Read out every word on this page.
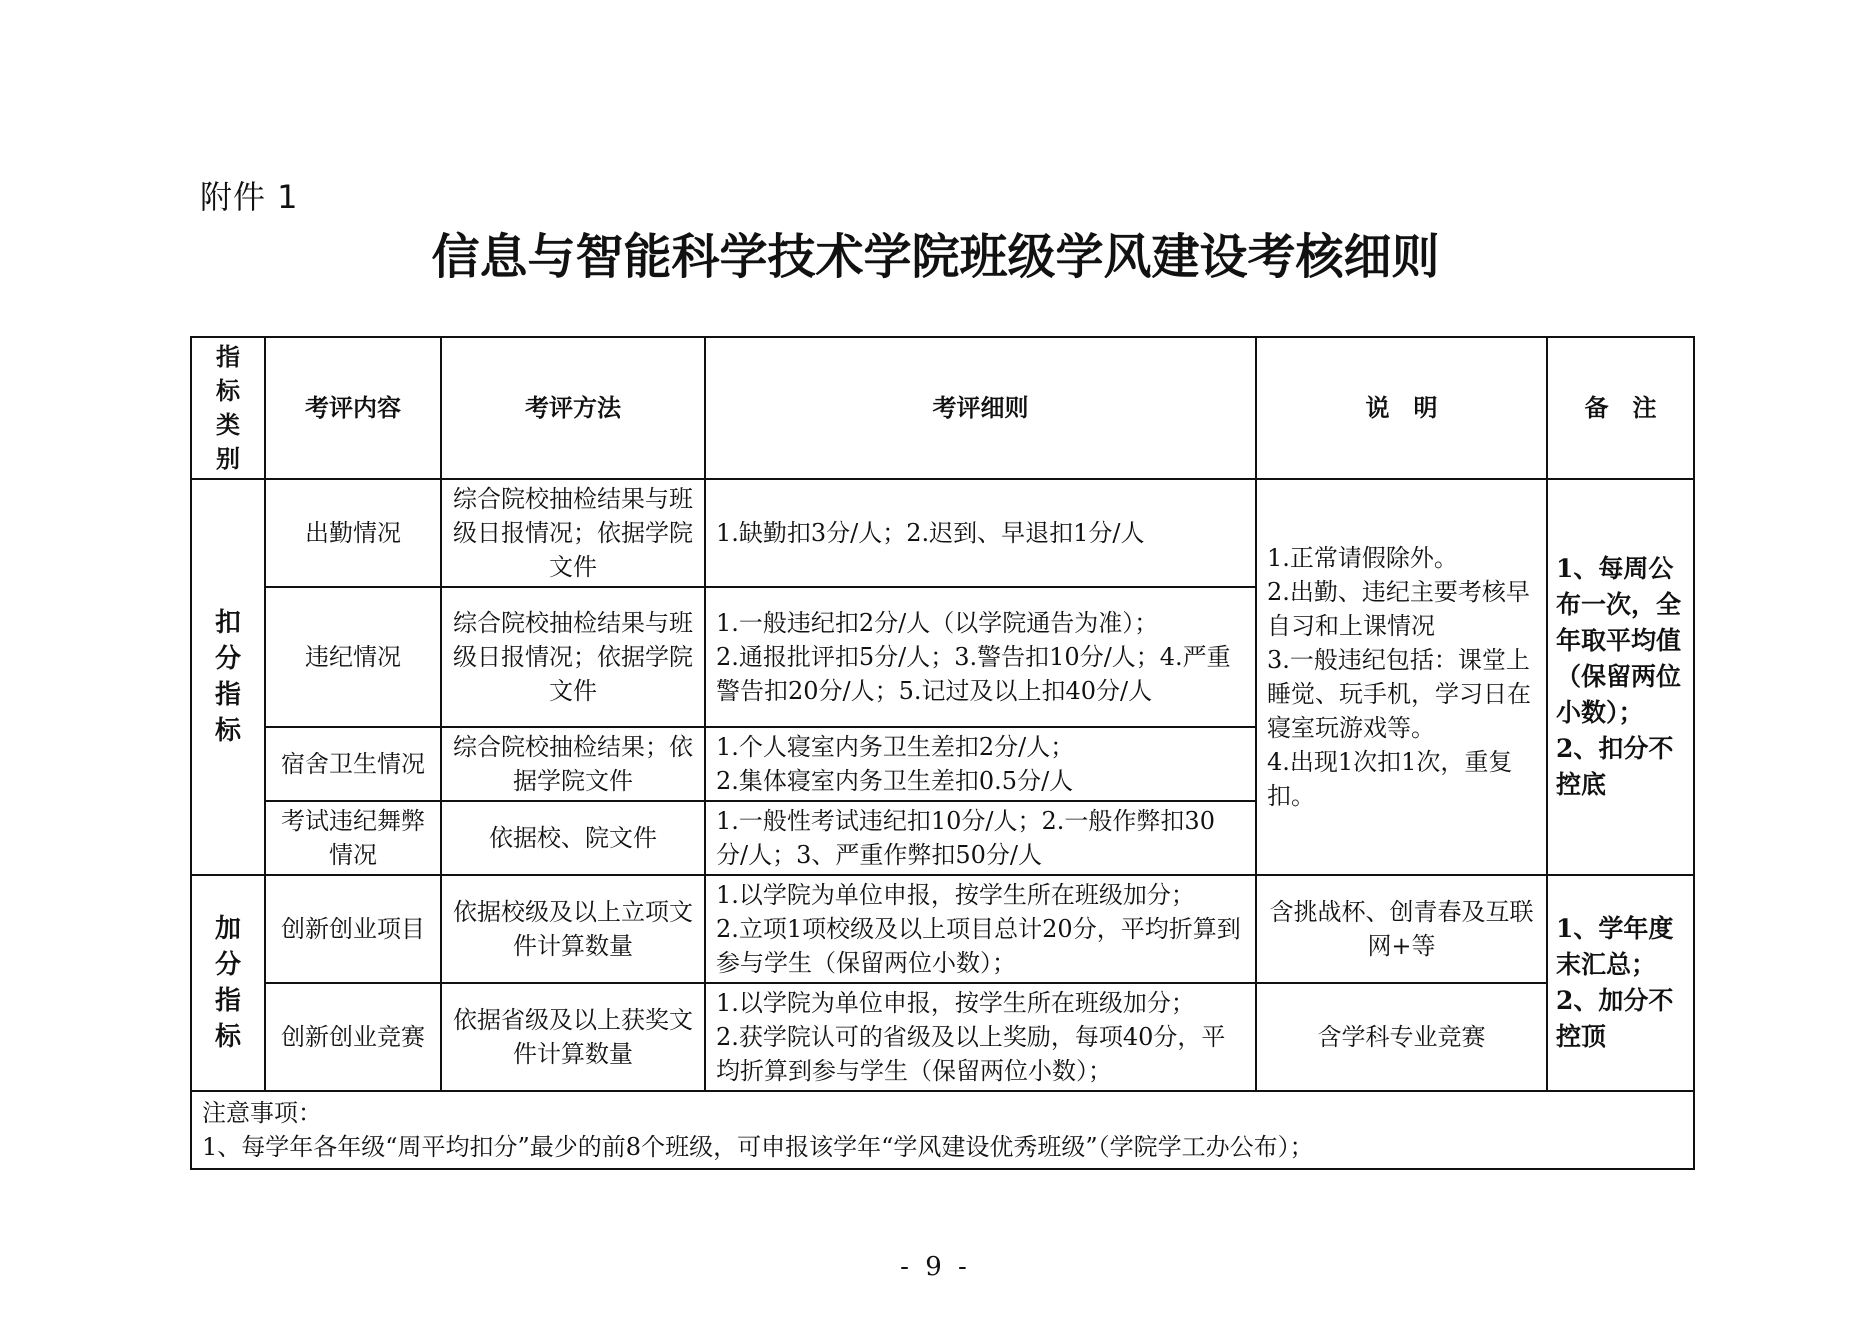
附件 1
信息与智能科学技术学院班级学风建设考核细则
指标类别	考评内容	考评方法	考评细则	说　明	备　注
扣分指标	出勤情况	综合院校抽检结果与班级日报情况；依据学院文件	1.缺勤扣3分/人；2.迟到、早退扣1分/人	1.正常请假除外。
2.出勤、违纪主要考核早自习和上课情况
3.一般违纪包括：课堂上睡觉、玩手机，学习日在寝室玩游戏等。
4.出现1次扣1次，重复扣。	1、每周公布一次，全年取平均值（保留两位小数）；
2、扣分不控底
	违纪情况	综合院校抽检结果与班级日报情况；依据学院文件	1.一般违纪扣2分/人（以学院通告为准）；
2.通报批评扣5分/人；3.警告扣10分/人；4.严重警告扣20分/人；5.记过及以上扣40分/人		
	宿舍卫生情况	综合院校抽检结果；依据学院文件	1.个人寝室内务卫生差扣2分/人；
2.集体寝室内务卫生差扣0.5分/人		
	考试违纪舞弊情况	依据校、院文件	1.一般性考试违纪扣10分/人；2.一般作弊扣30分/人；3、严重作弊扣50分/人		
加分指标	创新创业项目	依据校级及以上立项文件计算数量	1.以学院为单位申报，按学生所在班级加分；
2.立项1项校级及以上项目总计20分，平均折算到参与学生（保留两位小数）；	含挑战杯、创青春及互联网+等	1、学年度末汇总；2、加分不控顶
	创新创业竞赛	依据省级及以上获奖文件计算数量	1.以学院为单位申报，按学生所在班级加分；
2.获学院认可的省级及以上奖励，每项40分，平均折算到参与学生（保留两位小数）；	含学科专业竞赛	

注意事项：
1、每学年各年级“周平均扣分”最少的前8个班级，可申报该学年“学风建设优秀班级”（学院学工办公布）；					
- 9 -
